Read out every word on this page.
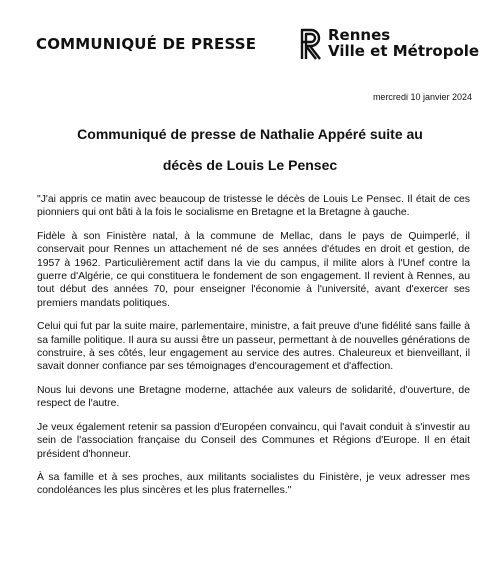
COMMUNIQUÉ DE PRESSE	Rennes
Ville et Métropole
mercredi 10 janvier 2024
Communiqué de presse de Nathalie Appéré suite au
décès de Louis Le Pensec

"J'ai appris ce matin avec beaucoup de tristesse le décès de Louis Le Pensec. Il était de ces pionniers qui ont bâti à la fois le socialisme en Bretagne et la Bretagne à gauche.

Fidèle à son Finistère natal, à la commune de Mellac, dans le pays de Quimperlé, il conservait pour Rennes un attachement né de ses années d'études en droit et gestion, de 1957 à 1962. Particulièrement actif dans la vie du campus, il milite alors à l'Unef contre la guerre d'Algérie, ce qui constituera le fondement de son engagement. Il revient à Rennes, au tout début des années 70, pour enseigner l'économie à l'université, avant d'exercer ses premiers mandats politiques.

Celui qui fut par la suite maire, parlementaire, ministre, a fait preuve d'une fidélité sans faille à sa famille politique. Il aura su aussi être un passeur, permettant à de nouvelles générations de construire, à ses côtés, leur engagement au service des autres. Chaleureux et bienveillant, il savait donner confiance par ses témoignages d'encouragement et d'affection.

Nous lui devons une Bretagne moderne, attachée aux valeurs de solidarité, d'ouverture, de respect de l'autre.

Je veux également retenir sa passion d'Européen convaincu, qui l'avait conduit à s'investir au sein de l'association française du Conseil des Communes et Régions d'Europe. Il en était président d'honneur.

À sa famille et à ses proches, aux militants socialistes du Finistère, je veux adresser mes condoléances les plus sincères et les plus fraternelles."
